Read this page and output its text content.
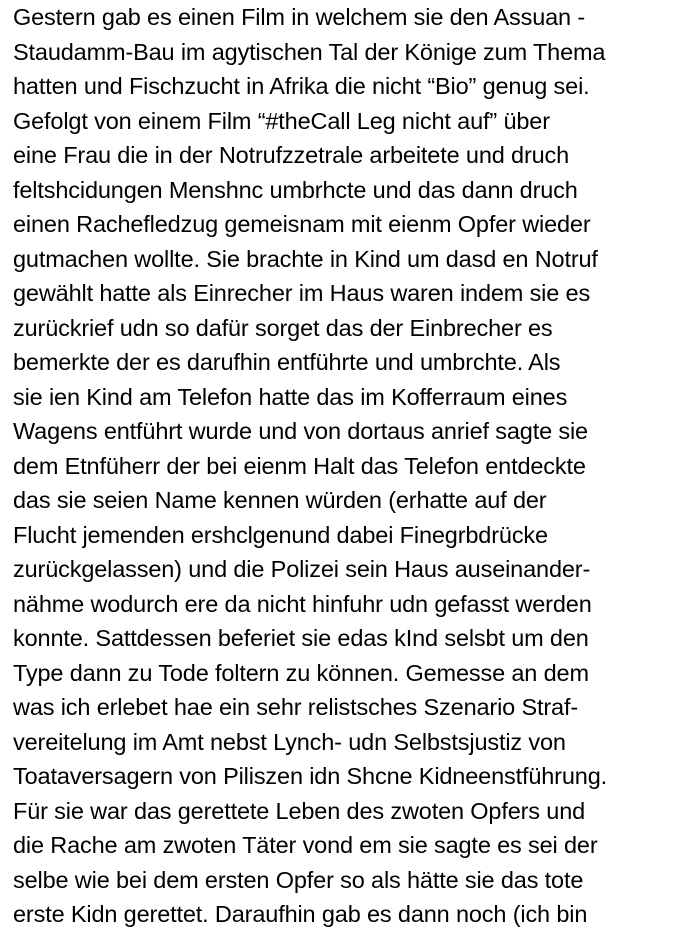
Gestern gab es einen Film in welchem sie den Assuan -
Staudamm-Bau im agytischen Tal der Könige zum Thema
hatten und Fischzucht in Afrika die nicht “Bio” genug sei.
Gefolgt von einem Film “#theCall Leg nicht auf” über
eine Frau die in der Notrufzzetrale arbeitete und druch
feltshcidungen Menshnc umbrhcte und das dann druch
einen Rachefledzug gemeisnam mit eienm Opfer wieder
gutmachen wollte. Sie brachte in Kind um dasd en Notruf
gewählt hatte als Einrecher im Haus waren indem sie es
zurückrief udn so dafür sorget das der Einbrecher es
bemerkte der es darufhin entführte und umbrchte. Als
sie ien Kind am Telefon hatte das im Kofferraum eines
Wagens entführt wurde und von dortaus anrief sagte sie
dem Etnfüherr der bei eienm Halt das Telefon entdeckte
das sie seien Name kennen würden (erhatte auf der
Flucht jemenden ershclgenund dabei Finegrbdrücke
zurückgelassen) und die Polizei sein Haus auseinander-
nähme wodurch ere da nicht hinfuhr udn gefasst werden
konnte. Sattdessen beferiet sie edas kInd selsbt um den
Type dann zu Tode foltern zu können. Gemesse an dem
was ich erlebet hae ein sehr relistsches Szenario Straf-
vereitelung im Amt nebst Lynch- udn Selbstsjustiz von
Toataversagern von Piliszen idn Shcne Kidneenstführung.
Für sie war das gerettete Leben des zwoten Opfers und
die Rache am zwoten Täter vond em sie sagte es sei der
selbe wie bei dem ersten Opfer so als hätte sie das tote
erste Kidn gerettet. Daraufhin gab es dann noch (ich bin
